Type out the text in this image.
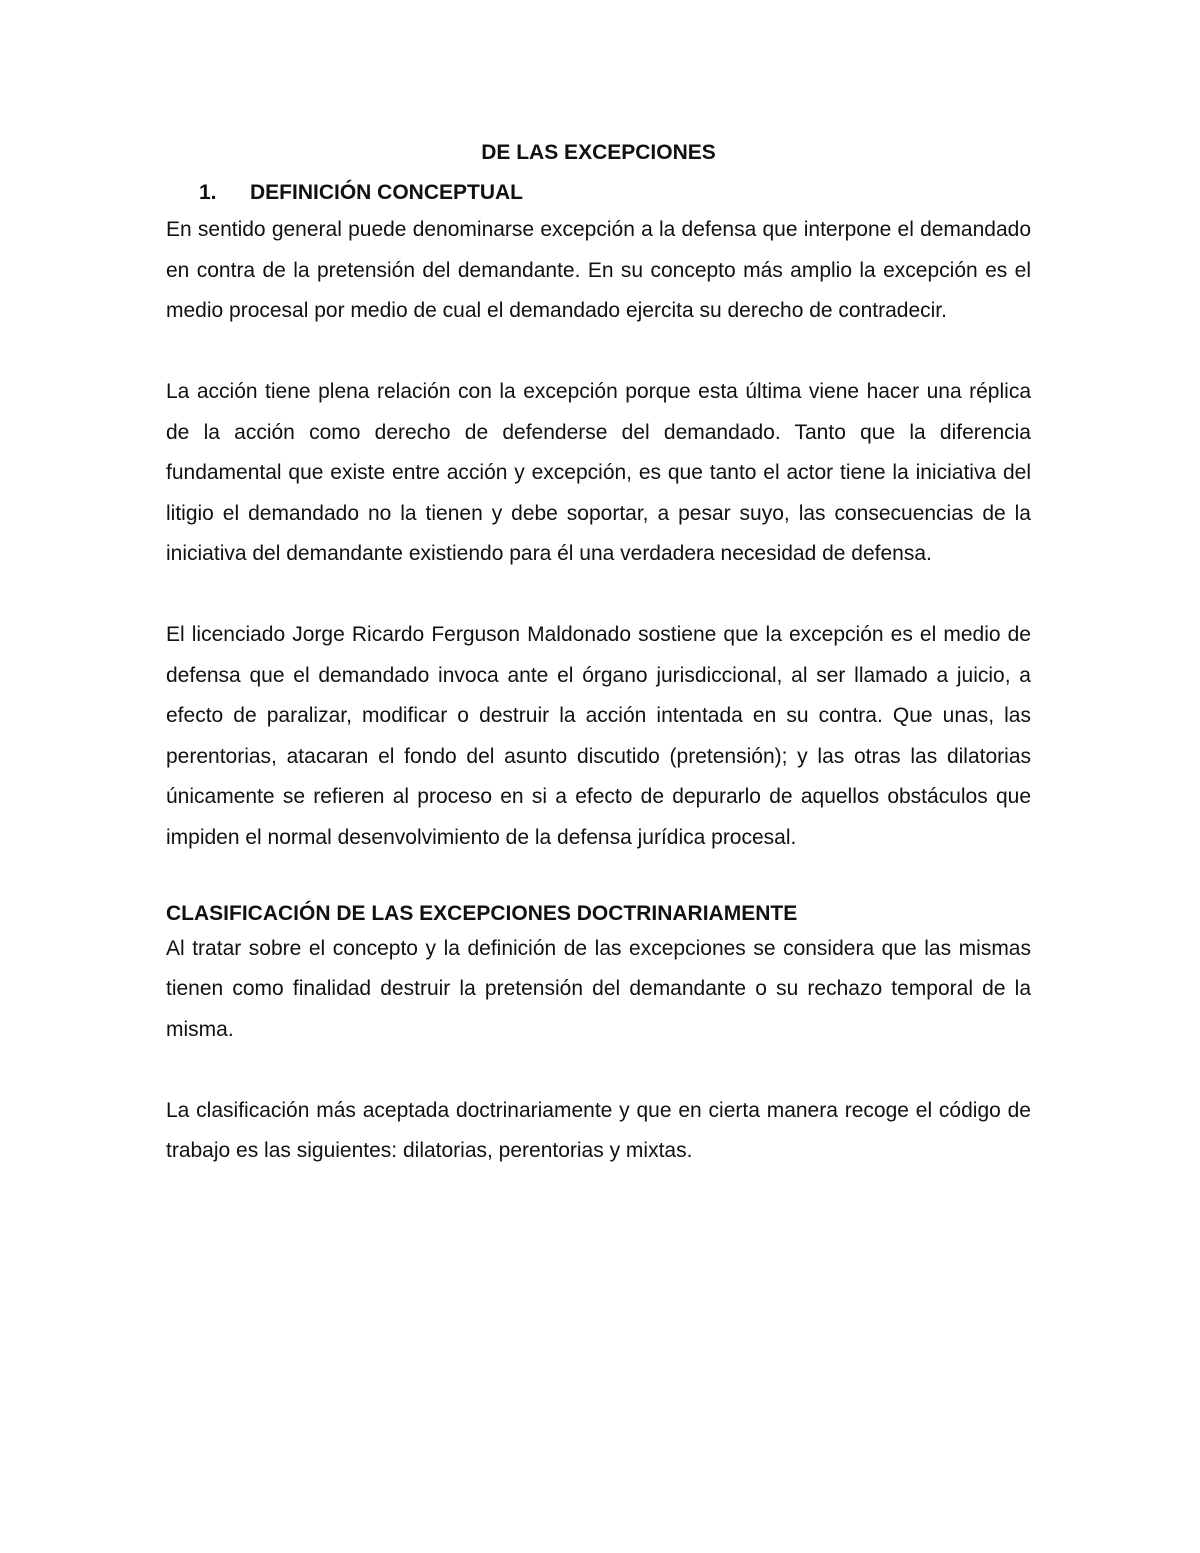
DE LAS EXCEPCIONES
1. DEFINICIÓN CONCEPTUAL

En sentido general puede denominarse excepción a la defensa que interpone el demandado en contra de la pretensión del demandante. En su concepto más amplio la excepción es el medio procesal por medio de cual el demandado ejercita su derecho de contradecir.

La acción tiene plena relación con la excepción porque esta última viene hacer una réplica de la acción como derecho de defenderse del demandado. Tanto que la diferencia fundamental que existe entre acción y excepción, es que tanto el actor tiene la iniciativa del litigio el demandado no la tienen y debe soportar, a pesar suyo, las consecuencias de la iniciativa del demandante existiendo para él una verdadera necesidad de defensa.

El licenciado Jorge Ricardo Ferguson Maldonado sostiene que la excepción es el medio de defensa que el demandado invoca ante el órgano jurisdiccional, al ser llamado a juicio, a efecto de paralizar, modificar o destruir la acción intentada en su contra. Que unas, las perentorias, atacaran el fondo del asunto discutido (pretensión); y las otras las dilatorias únicamente se refieren al proceso en si a efecto de depurarlo de aquellos obstáculos que impiden el normal desenvolvimiento de la defensa jurídica procesal.

CLASIFICACIÓN DE LAS EXCEPCIONES DOCTRINARIAMENTE

Al tratar sobre el concepto y la definición de las excepciones se considera que las mismas tienen como finalidad destruir la pretensión del demandante o su rechazo temporal de la misma.

La clasificación más aceptada doctrinariamente y que en cierta manera recoge el código de trabajo es las siguientes: dilatorias, perentorias y mixtas.
